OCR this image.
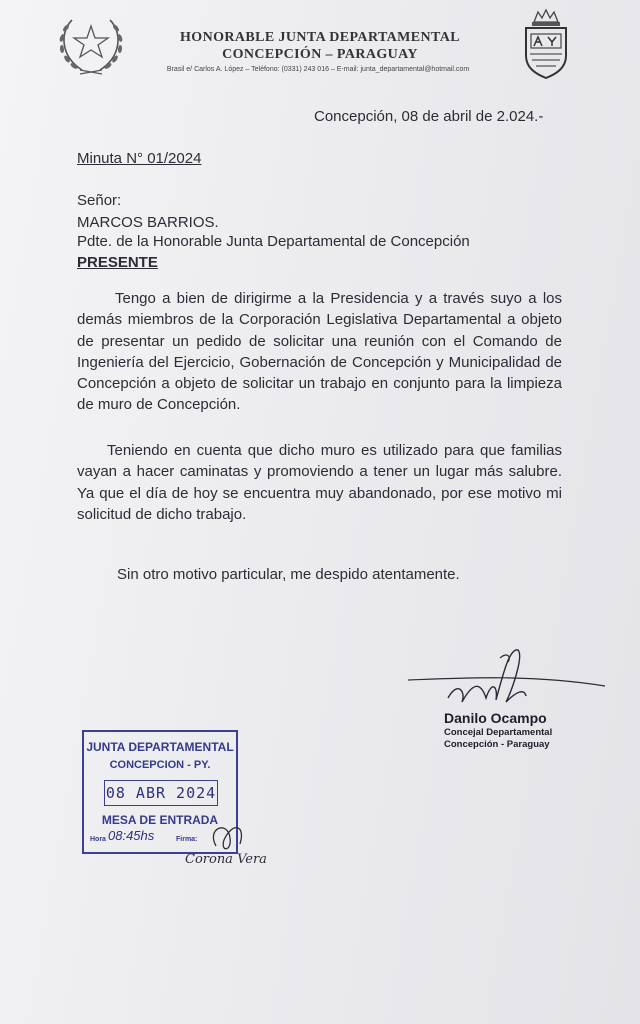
HONORABLE JUNTA DEPARTAMENTAL
CONCEPCIÓN – PARAGUAY
Brasil e/ Carlos A. López – Teléfono: (0331) 243 016 – E-mail: junta_departamental@hotmail.com
Concepción, 08 de abril de 2.024.-
Minuta N° 01/2024
Señor:
MARCOS BARRIOS.
Pdte. de la Honorable Junta Departamental de Concepción
PRESENTE
Tengo a bien de dirigirme a la Presidencia y a través suyo a los demás miembros de la Corporación Legislativa Departamental a objeto de presentar un pedido de solicitar una reunión con el Comando de Ingeniería del Ejercicio, Gobernación de Concepción y Municipalidad de Concepción a objeto de solicitar un trabajo en conjunto para la limpieza de muro de Concepción.
Teniendo en cuenta que dicho muro es utilizado para que familias vayan a hacer caminatas y promoviendo a tener un lugar más salubre. Ya que el día de hoy se encuentra muy abandonado, por ese motivo mi solicitud de dicho trabajo.
Sin otro motivo particular, me despido atentamente.
Danilo Ocampo
Concejal Departamental
Concepción - Paraguay
JUNTA DEPARTAMENTAL
CONCEPCION - PY.
08 ABR 2024
MESA DE ENTRADA
Hora 08:45hs	Firma:
Corona Vera
